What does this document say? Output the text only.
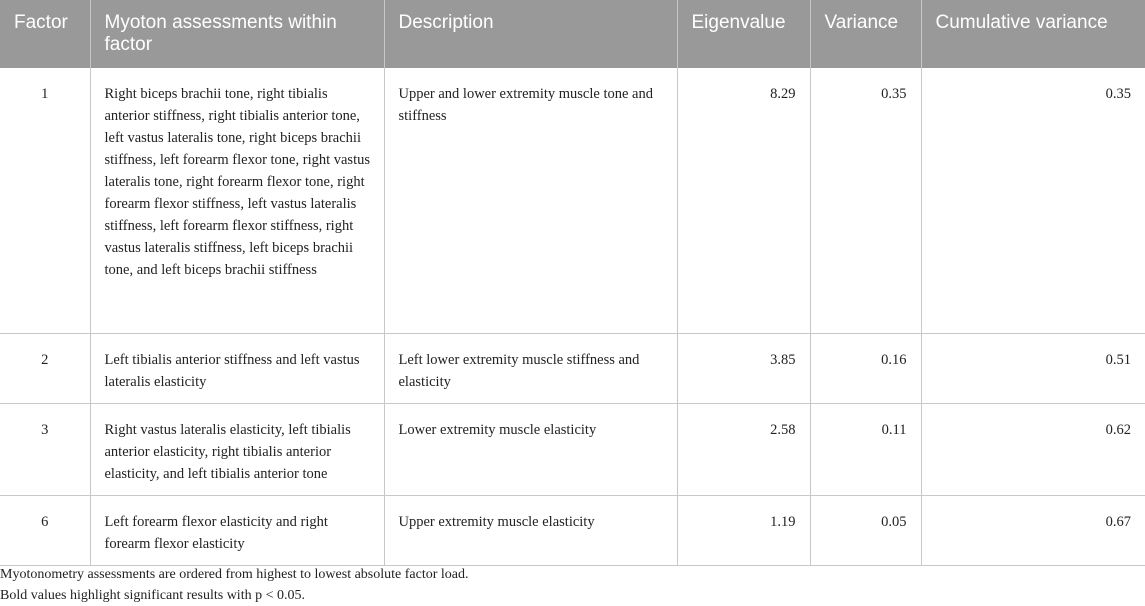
Factor	Myoton assessments within factor	Description	Eigenvalue	Variance	Cumulative variance
1	Right biceps brachii tone, right tibialis anterior stiffness, right tibialis anterior tone, left vastus lateralis tone, right biceps brachii stiffness, left forearm flexor tone, right vastus lateralis tone, right forearm flexor tone, right forearm flexor stiffness, left vastus lateralis stiffness, left forearm flexor stiffness, right vastus lateralis stiffness, left biceps brachii tone, and left biceps brachii stiffness	Upper and lower extremity muscle tone and stiffness	8.29	0.35	0.35
2	Left tibialis anterior stiffness and left vastus lateralis elasticity	Left lower extremity muscle stiffness and elasticity	3.85	0.16	0.51
3	Right vastus lateralis elasticity, left tibialis anterior elasticity, right tibialis anterior elasticity, and left tibialis anterior tone	Lower extremity muscle elasticity	2.58	0.11	0.62
6	Left forearm flexor elasticity and right forearm flexor elasticity	Upper extremity muscle elasticity	1.19	0.05	0.67

Myotonometry assessments are ordered from highest to lowest absolute factor load.

Bold values highlight significant results with p < 0.05.
